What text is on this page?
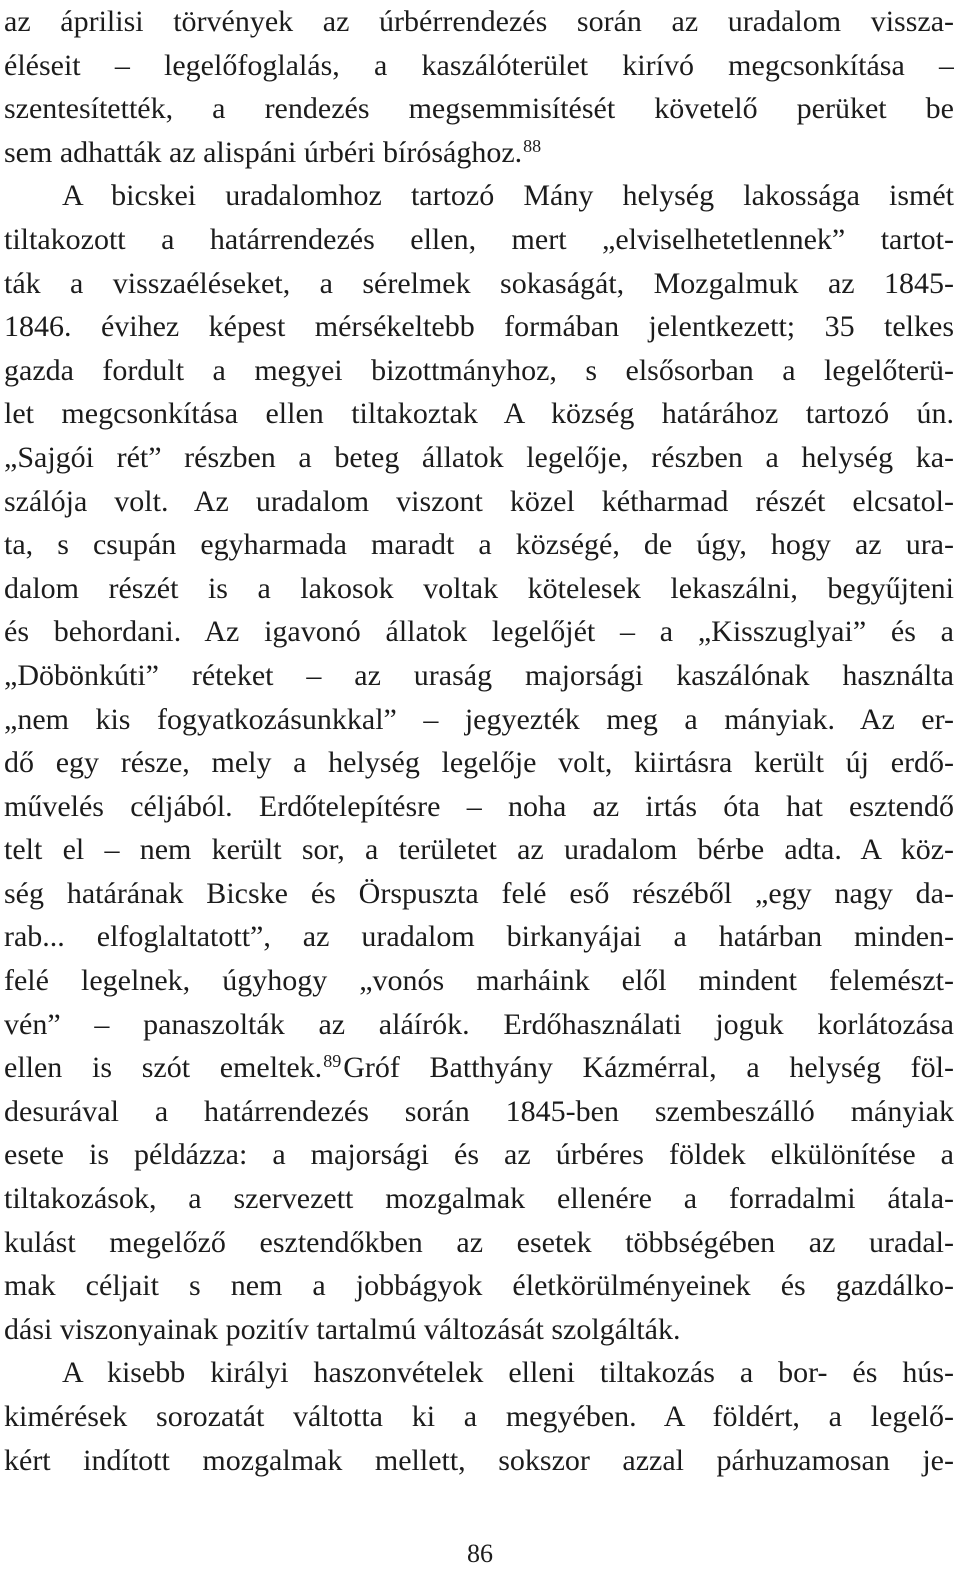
az áprilisi törvények az úrbérrendezés során az uradalom vissza-
éléseit – legelőfoglalás, a kaszálóterület kirívó megcsonkítása –
szentesítették, a rendezés megsemmisítését követelő perüket be
sem adhatták az alispáni úrbéri bírósághoz.$^{88}$
A bicskei uradalomhoz tartozó Mány helység lakossága ismét
tiltakozott a határrendezés ellen, mert „elviselhetetlennek” tartot-
ták a visszaéléseket, a sérelmek sokaságát, Mozgalmuk az 1845-
1846. évihez képest mérsékeltebb formában jelentkezett; 35 telkes
gazda fordult a megyei bizottmányhoz, s elsősorban a legelőterü-
let megcsonkítása ellen tiltakoztak A község határához tartozó ún.
„Sajgói rét” részben a beteg állatok legelője, részben a helység ka-
szálója volt. Az uradalom viszont közel kétharmad részét elcsatol-
ta, s csupán egyharmada maradt a községé, de úgy, hogy az ura-
dalom részét is a lakosok voltak kötelesek lekaszálni, begyűjteni
és behordani. Az igavonó állatok legelőjét – a „Kisszuglyai” és a
„Döbönkúti” réteket – az uraság majorsági kaszálónak használta
„nem kis fogyatkozásunkkal” – jegyezték meg a mányiak. Az er-
dő egy része, mely a helység legelője volt, kiirtásra került új erdő-
művelés céljából. Erdőtelepítésre – noha az irtás óta hat esztendő
telt el – nem került sor, a területet az uradalom bérbe adta. A köz-
ség határának Bicske és Örspuszta felé eső részéből „egy nagy da-
rab... elfoglaltatott”, az uradalom birkanyájai a határban minden-
felé legelnek, úgyhogy „vonós marháink elől mindent felemészt-
vén” – panaszolták az aláírók. Erdőhasználati joguk korlátozása
ellen is szót emeltek.$^{89}$Gróf Batthyány Kázmérral, a helység föl-
desurával a határrendezés során 1845-ben szembeszálló mányiak
esete is példázza: a majorsági és az úrbéres földek elkülönítése a
tiltakozások, a szervezett mozgalmak ellenére a forradalmi átala-
kulást megelőző esztendőkben az esetek többségében az uradal-
mak céljait s nem a jobbágyok életkörülményeinek és gazdálko-
dási viszonyainak pozitív tartalmú változását szolgálták.
A kisebb királyi haszonvételek elleni tiltakozás a bor- és hús-
kimérések sorozatát váltotta ki a megyében. A földért, a legelő-
kért indított mozgalmak mellett, sokszor azzal párhuzamosan je-
86
